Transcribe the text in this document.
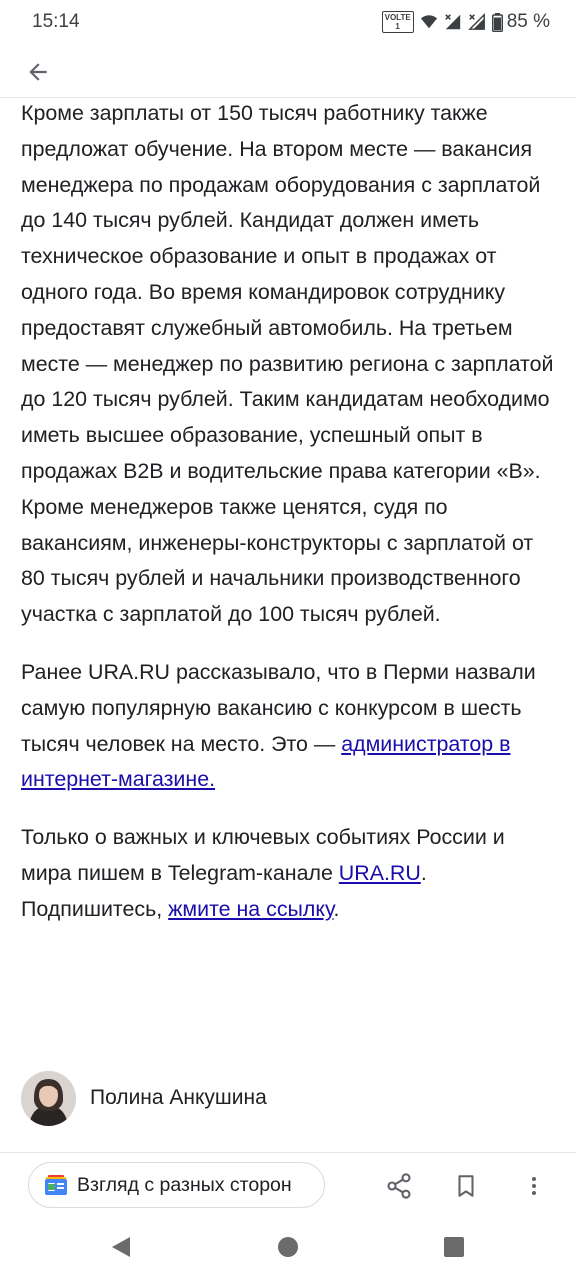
15:14	VOLTE
1	85 %

Кроме зарплаты от 150 тысяч работнику также предложат обучение. На втором месте — вакансия менеджера по продажам оборудования с зарплатой до 140 тысяч рублей. Кандидат должен иметь техническое образование и опыт в продажах от одного года. Во время командировок сотруднику предоставят служебный автомобиль. На третьем месте — менеджер по развитию региона с зарплатой до 120 тысяч рублей. Таким кандидатам необходимо иметь высшее образование, успешный опыт в продажах B2B и водительские права категории «B». Кроме менеджеров также ценятся, судя по вакансиям, инженеры-конструкторы с зарплатой от 80 тысяч рублей и начальники производственного участка с зарплатой до 100 тысяч рублей.

Ранее URA.RU рассказывало, что в Перми назвали самую популярную вакансию с конкурсом в шесть тысяч человек на место. Это — администратор в интернет-магазине.

Только о важных и ключевых событиях России и мира пишем в Telegram-канале URA.RU. Подпишитесь, жмите на ссылку.

Полина Анкушина
Взгляд с разных сторон
